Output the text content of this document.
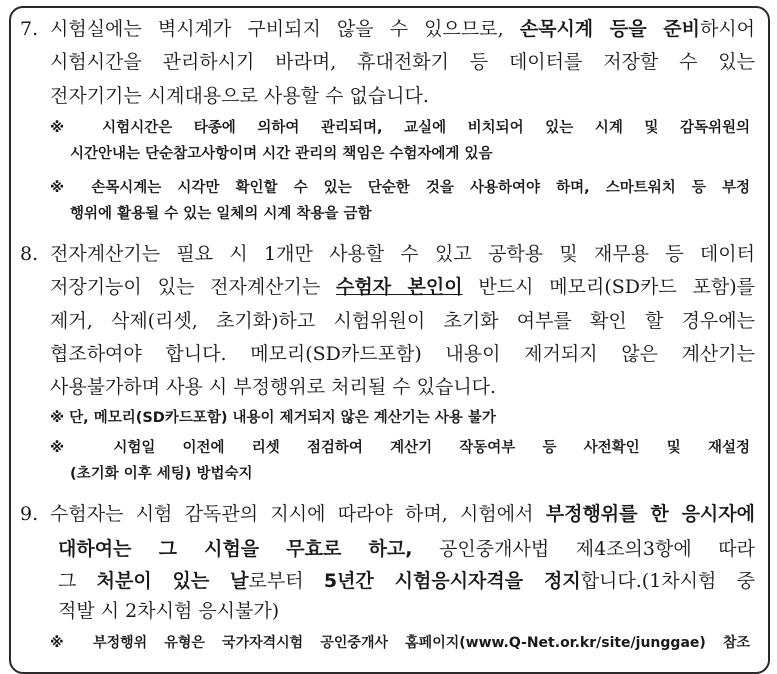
7. 시험실에는 벽시계가 구비되지 않을 수 있으므로, 손목시계 등을 준비하시어
시험시간을 관리하시기 바라며, 휴대전화기 등 데이터를 저장할 수 있는
전자기기는 시계대용으로 사용할 수 없습니다.
※ 시험시간은 타종에 의하여 관리되며, 교실에 비치되어 있는 시계 및 감독위원의
시간안내는 단순참고사항이며 시간 관리의 책임은 수험자에게 있음
※ 손목시계는 시각만 확인할 수 있는 단순한 것을 사용하여야 하며, 스마트워치 등 부정
행위에 활용될 수 있는 일체의 시계 착용을 금함
8. 전자계산기는 필요 시 1개만 사용할 수 있고 공학용 및 재무용 등 데이터
저장기능이 있는 전자계산기는 수험자 본인이 반드시 메모리(SD카드 포함)를
제거, 삭제(리셋, 초기화)하고 시험위원이 초기화 여부를 확인 할 경우에는
협조하여야 합니다. 메모리(SD카드포함) 내용이 제거되지 않은 계산기는
사용불가하며 사용 시 부정행위로 처리될 수 있습니다.
※ 단, 메모리(SD카드포함) 내용이 제거되지 않은 계산기는 사용 불가
※ 시험일 이전에 리셋 점검하여 계산기 작동여부 등 사전확인 및 재설정
(초기화 이후 세팅) 방법숙지
9. 수험자는 시험 감독관의 지시에 따라야 하며, 시험에서 부정행위를 한 응시자에
대하여는 그 시험을 무효로 하고, 공인중개사법 제4조의3항에 따라
그 처분이 있는 날로부터 5년간 시험응시자격을 정지합니다.(1차시험 중
적발 시 2차시험 응시불가)
※ 부정행위 유형은 국가자격시험 공인중개사 홈페이지(www.Q-Net.or.kr/site/junggae) 참조
